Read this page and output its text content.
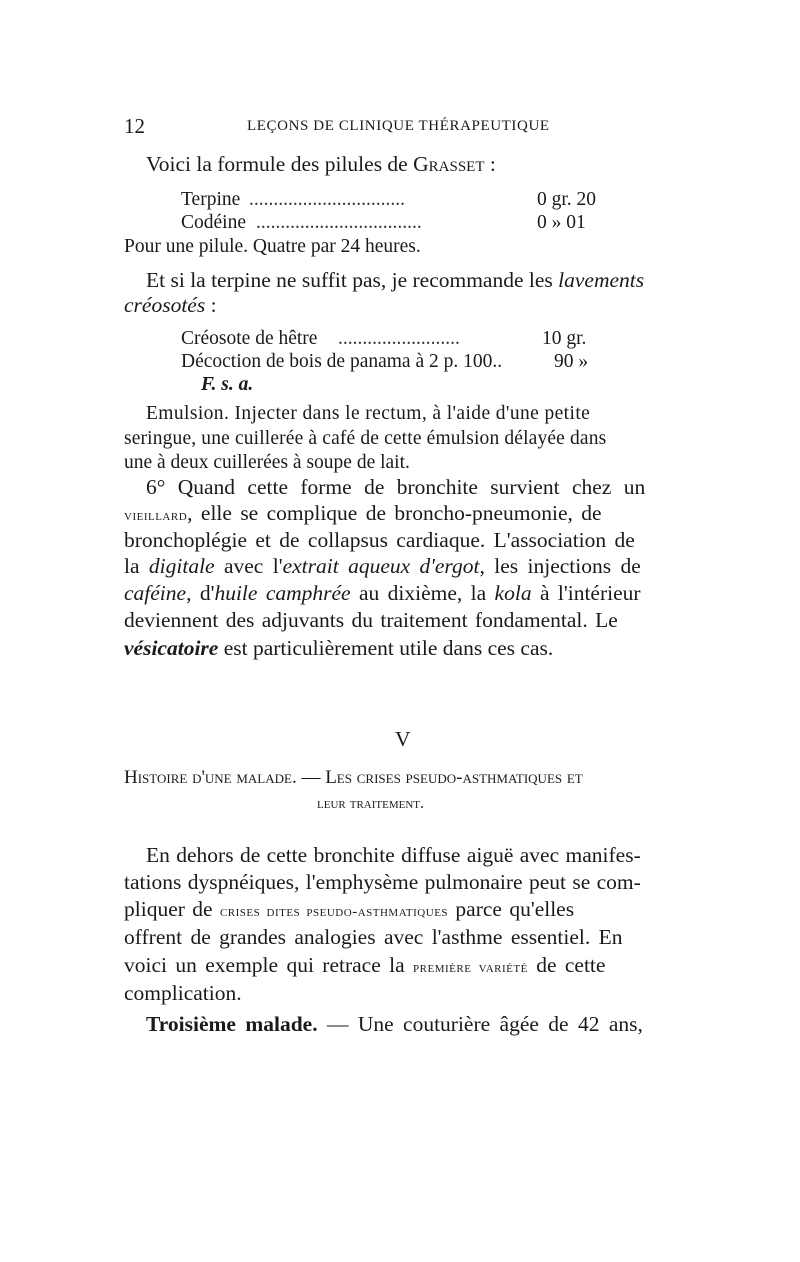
12	LEÇONS DE CLINIQUE THÉRAPEUTIQUE
Voici la formule des pilules de Grasset :
Terpine ................................	0 gr. 20
Codéine ..................................	0 » 01
Pour une pilule. Quatre par 24 heures.
Et si la terpine ne suffit pas, je recommande les lavements
créosotés :
Créosote de hêtre .........................	10 gr.
Décoction de bois de panama à 2 p. 100..	90 »
F. s. a.
Emulsion. Injecter dans le rectum, à l'aide d'une petite
seringue, une cuillerée à café de cette émulsion délayée dans
une à deux cuillerées à soupe de lait.
6° Quand cette forme de bronchite survient chez un
vieillard, elle se complique de broncho-pneumonie, de
bronchoplégie et de collapsus cardiaque. L'association de
la digitale avec l'extrait aqueux d'ergot, les injections de
caféine, d'huile camphrée au dixième, la kola à l'intérieur
deviennent des adjuvants du traitement fondamental. Le
vésicatoire est particulièrement utile dans ces cas.
V
Histoire d'une malade. — Les crises pseudo-asthmatiques et
leur traitement.
En dehors de cette bronchite diffuse aiguë avec manifes-
tations dyspnéiques, l'emphysème pulmonaire peut se com-
pliquer de crises dites pseudo-asthmatiques parce qu'elles
offrent de grandes analogies avec l'asthme essentiel. En
voici un exemple qui retrace la première variété de cette
complication.
Troisième malade. — Une couturière âgée de 42 ans,
